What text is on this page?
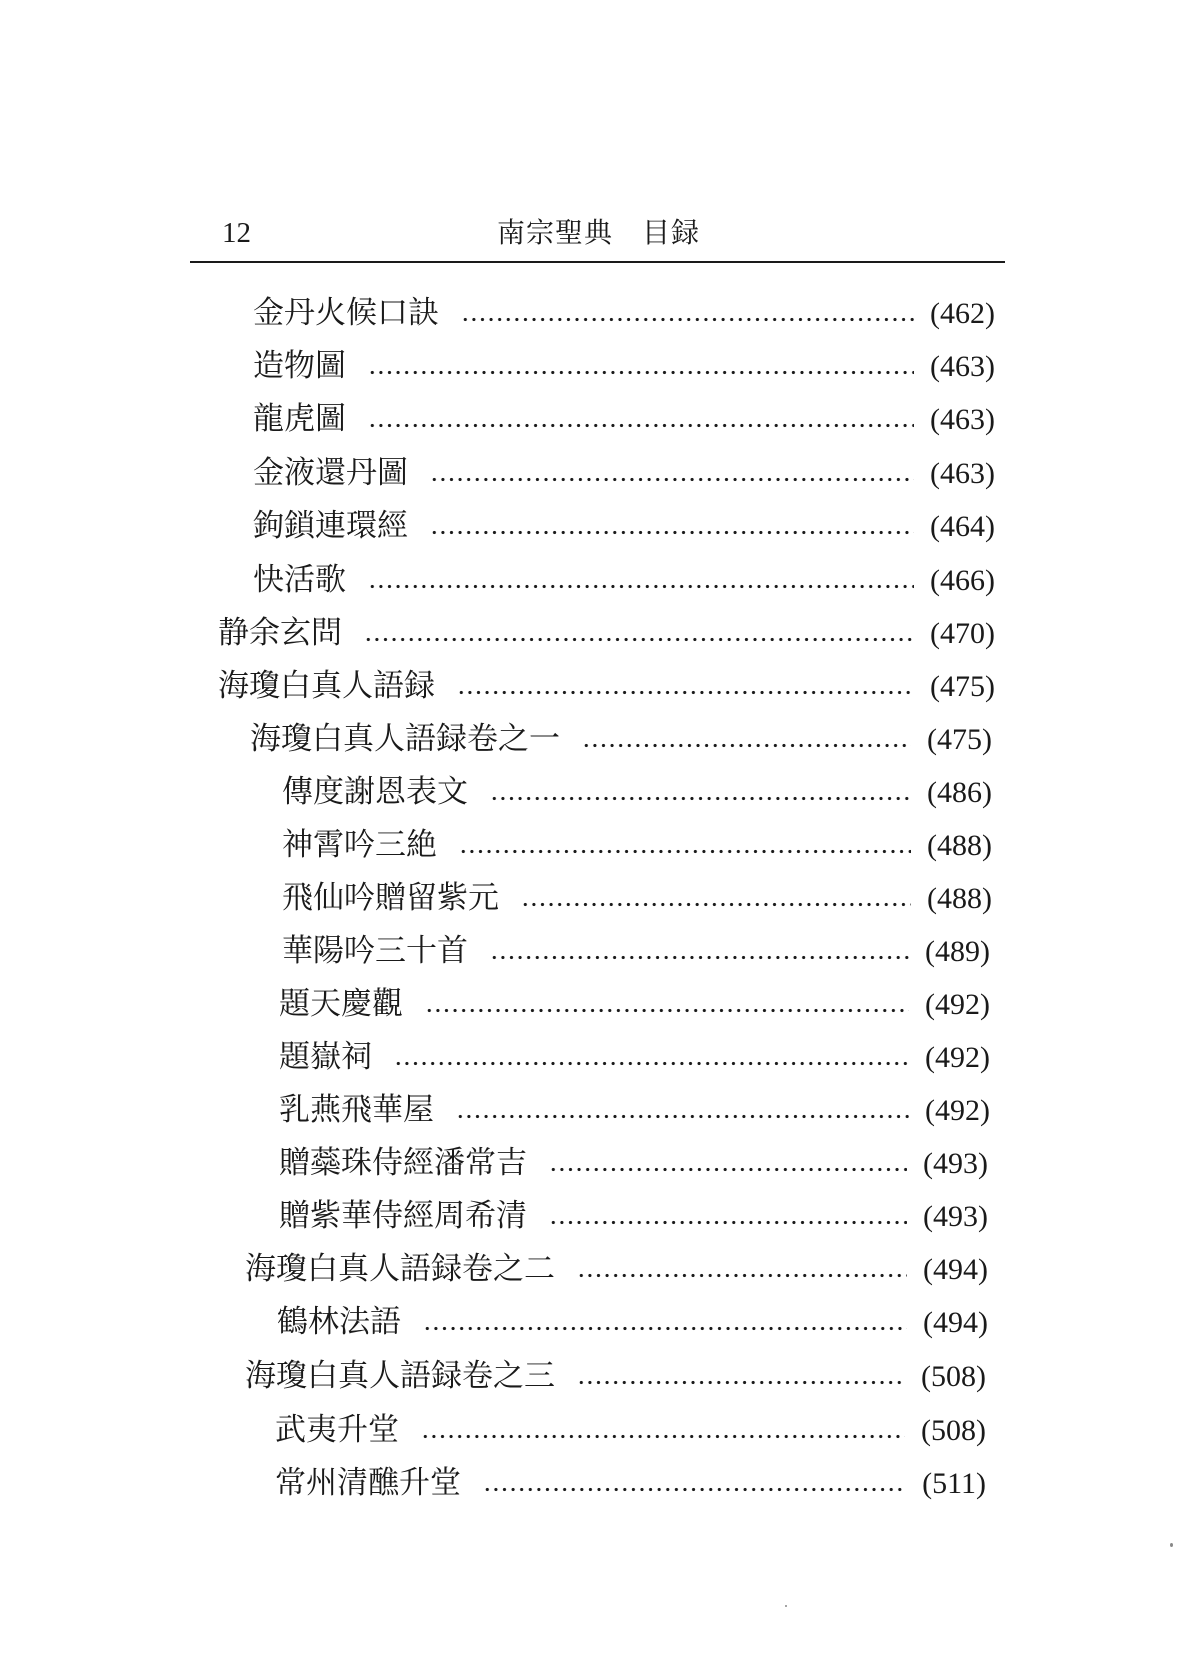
12	南宗聖典　目録
金丹火候口訣	(462)
造物圖	(463)
龍虎圖	(463)
金液還丹圖	(463)
鉤鎖連環經	(464)
快活歌	(466)
静余玄問	(470)
海瓊白真人語録	(475)
海瓊白真人語録卷之一	(475)
傳度謝恩表文	(486)
神霄吟三絶	(488)
飛仙吟贈留紫元	(488)
華陽吟三十首	(489)
題天慶觀	(492)
題嶽祠	(492)
乳燕飛華屋	(492)
贈蘂珠侍經潘常吉	(493)
贈紫華侍經周希清	(493)
海瓊白真人語録卷之二	(494)
鶴林法語	(494)
海瓊白真人語録卷之三	(508)
武夷升堂	(508)
常州清醮升堂	(511)
